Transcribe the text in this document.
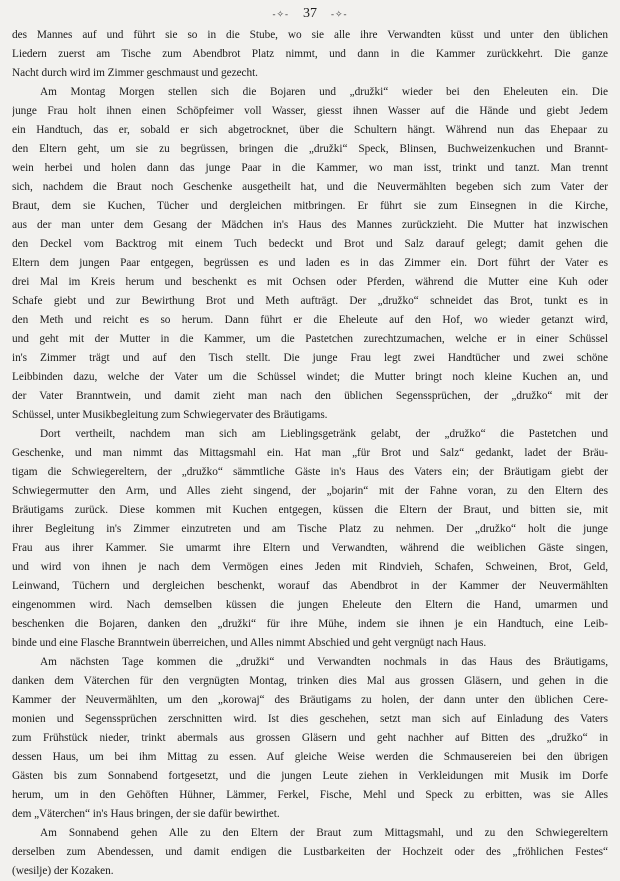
-✧- 37 -✧-
des Mannes auf und führt sie so in die Stube, wo sie alle ihre Verwandten küsst und unter den üblichen
Liedern zuerst am Tische zum Abendbrot Platz nimmt, und dann in die Kammer zurückkehrt. Die ganze
Nacht durch wird im Zimmer geschmaust und gezecht.
Am Montag Morgen stellen sich die Bojaren und „družki“ wieder bei den Eheleuten ein. Die
junge Frau holt ihnen einen Schöpfeimer voll Wasser, giesst ihnen Wasser auf die Hände und giebt Jedem
ein Handtuch, das er, sobald er sich abgetrocknet, über die Schultern hängt. Während nun das Ehepaar zu
den Eltern geht, um sie zu begrüssen, bringen die „družki“ Speck, Blinsen, Buchweizenkuchen und Brannt-
wein herbei und holen dann das junge Paar in die Kammer, wo man isst, trinkt und tanzt. Man trennt
sich, nachdem die Braut noch Geschenke ausgetheilt hat, und die Neuvermählten begeben sich zum Vater der
Braut, dem sie Kuchen, Tücher und dergleichen mitbringen. Er führt sie zum Einsegnen in die Kirche,
aus der man unter dem Gesang der Mädchen in's Haus des Mannes zurückzieht. Die Mutter hat inzwischen
den Deckel vom Backtrog mit einem Tuch bedeckt und Brot und Salz darauf gelegt; damit gehen die
Eltern dem jungen Paar entgegen, begrüssen es und laden es in das Zimmer ein. Dort führt der Vater es
drei Mal im Kreis herum und beschenkt es mit Ochsen oder Pferden, während die Mutter eine Kuh oder
Schafe giebt und zur Bewirthung Brot und Meth aufträgt. Der „družko“ schneidet das Brot, tunkt es in
den Meth und reicht es so herum. Dann führt er die Eheleute auf den Hof, wo wieder getanzt wird,
und geht mit der Mutter in die Kammer, um die Pastetchen zurechtzumachen, welche er in einer Schüssel
in's Zimmer trägt und auf den Tisch stellt. Die junge Frau legt zwei Handtücher und zwei schöne
Leibbinden dazu, welche der Vater um die Schüssel windet; die Mutter bringt noch kleine Kuchen an, und
der Vater Branntwein, und damit zieht man nach den üblichen Segenssprüchen, der „družko“ mit der
Schüssel, unter Musikbegleitung zum Schwiegervater des Bräutigams.
Dort vertheilt, nachdem man sich am Lieblingsgetränk gelabt, der „družko“ die Pastetchen und
Geschenke, und man nimmt das Mittagsmahl ein. Hat man „für Brot und Salz“ gedankt, ladet der Bräu-
tigam die Schwiegereltern, der „družko“ sämmtliche Gäste in's Haus des Vaters ein; der Bräutigam giebt der
Schwiegermutter den Arm, und Alles zieht singend, der „bojarin“ mit der Fahne voran, zu den Eltern des
Bräutigams zurück. Diese kommen mit Kuchen entgegen, küssen die Eltern der Braut, und bitten sie, mit
ihrer Begleitung in's Zimmer einzutreten und am Tische Platz zu nehmen. Der „družko“ holt die junge
Frau aus ihrer Kammer. Sie umarmt ihre Eltern und Verwandten, während die weiblichen Gäste singen,
und wird von ihnen je nach dem Vermögen eines Jeden mit Rindvieh, Schafen, Schweinen, Brot, Geld,
Leinwand, Tüchern und dergleichen beschenkt, worauf das Abendbrot in der Kammer der Neuvermählten
eingenommen wird. Nach demselben küssen die jungen Eheleute den Eltern die Hand, umarmen und
beschenken die Bojaren, danken den „družki“ für ihre Mühe, indem sie ihnen je ein Handtuch, eine Leib-
binde und eine Flasche Branntwein überreichen, und Alles nimmt Abschied und geht vergnügt nach Haus.
Am nächsten Tage kommen die „družki“ und Verwandten nochmals in das Haus des Bräutigams,
danken dem Väterchen für den vergnügten Montag, trinken dies Mal aus grossen Gläsern, und gehen in die
Kammer der Neuvermählten, um den „korowaj“ des Bräutigams zu holen, der dann unter den üblichen Cere-
monien und Segenssprüchen zerschnitten wird. Ist dies geschehen, setzt man sich auf Einladung des Vaters
zum Frühstück nieder, trinkt abermals aus grossen Gläsern und geht nachher auf Bitten des „družko“ in
dessen Haus, um bei ihm Mittag zu essen. Auf gleiche Weise werden die Schmausereien bei den übrigen
Gästen bis zum Sonnabend fortgesetzt, und die jungen Leute ziehen in Verkleidungen mit Musik im Dorfe
herum, um in den Gehöften Hühner, Lämmer, Ferkel, Fische, Mehl und Speck zu erbitten, was sie Alles
dem „Väterchen“ in's Haus bringen, der sie dafür bewirthet.
Am Sonnabend gehen Alle zu den Eltern der Braut zum Mittagsmahl, und zu den Schwiegereltern
derselben zum Abendessen, und damit endigen die Lustbarkeiten der Hochzeit oder des „fröhlichen Festes“
(wesilje) der Kozaken.
